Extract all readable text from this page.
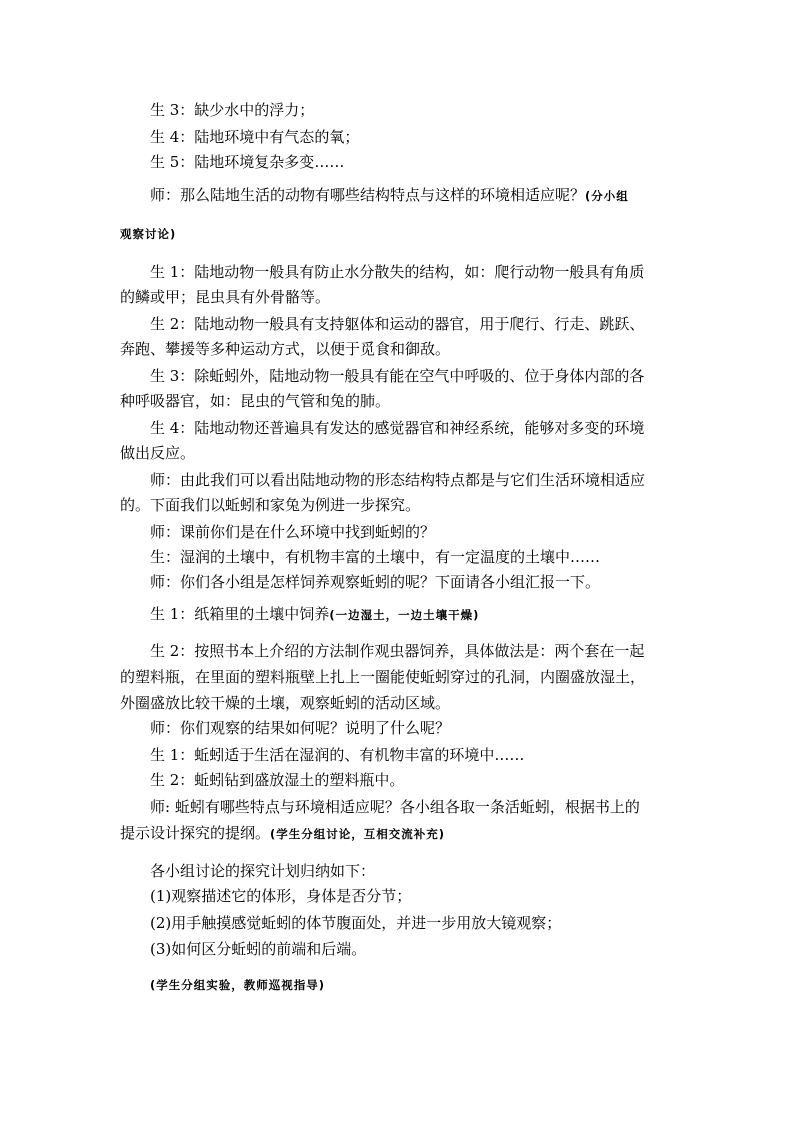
生 3：缺少水中的浮力；
生 4：陆地环境中有气态的氧；
生 5：陆地环境复杂多变……
师：那么陆地生活的动物有哪些结构特点与这样的环境相适应呢？(分小组
观察讨论)
生 1：陆地动物一般具有防止水分散失的结构，如：爬行动物一般具有角质
的鳞或甲；昆虫具有外骨骼等。
生 2：陆地动物一般具有支持躯体和运动的器官，用于爬行、行走、跳跃、
奔跑、攀援等多种运动方式，以便于觅食和御敌。
生 3：除蚯蚓外，陆地动物一般具有能在空气中呼吸的、位于身体内部的各
种呼吸器官，如：昆虫的气管和兔的肺。
生 4：陆地动物还普遍具有发达的感觉器官和神经系统，能够对多变的环境
做出反应。
师：由此我们可以看出陆地动物的形态结构特点都是与它们生活环境相适应
的。下面我们以蚯蚓和家兔为例进一步探究。
师：课前你们是在什么环境中找到蚯蚓的？
生：湿润的土壤中，有机物丰富的土壤中，有一定温度的土壤中……
师：你们各小组是怎样饲养观察蚯蚓的呢？下面请各小组汇报一下。
生 1：纸箱里的土壤中饲养(一边湿土，一边土壤干燥)
生 2：按照书本上介绍的方法制作观虫器饲养，具体做法是：两个套在一起
的塑料瓶，在里面的塑料瓶壁上扎上一圈能使蚯蚓穿过的孔洞，内圈盛放湿土，
外圈盛放比较干燥的土壤，观察蚯蚓的活动区域。
师：你们观察的结果如何呢？说明了什么呢？
生 1：蚯蚓适于生活在湿润的、有机物丰富的环境中……
生 2：蚯蚓钻到盛放湿土的塑料瓶中。
师: 蚯蚓有哪些特点与环境相适应呢？各小组各取一条活蚯蚓，根据书上的
提示设计探究的提纲。(学生分组讨论，互相交流补充)
各小组讨论的探究计划归纳如下：
(1)观察描述它的体形，身体是否分节；
(2)用手触摸感觉蚯蚓的体节腹面处，并进一步用放大镜观察；
(3)如何区分蚯蚓的前端和后端。
(学生分组实验，教师巡视指导)
